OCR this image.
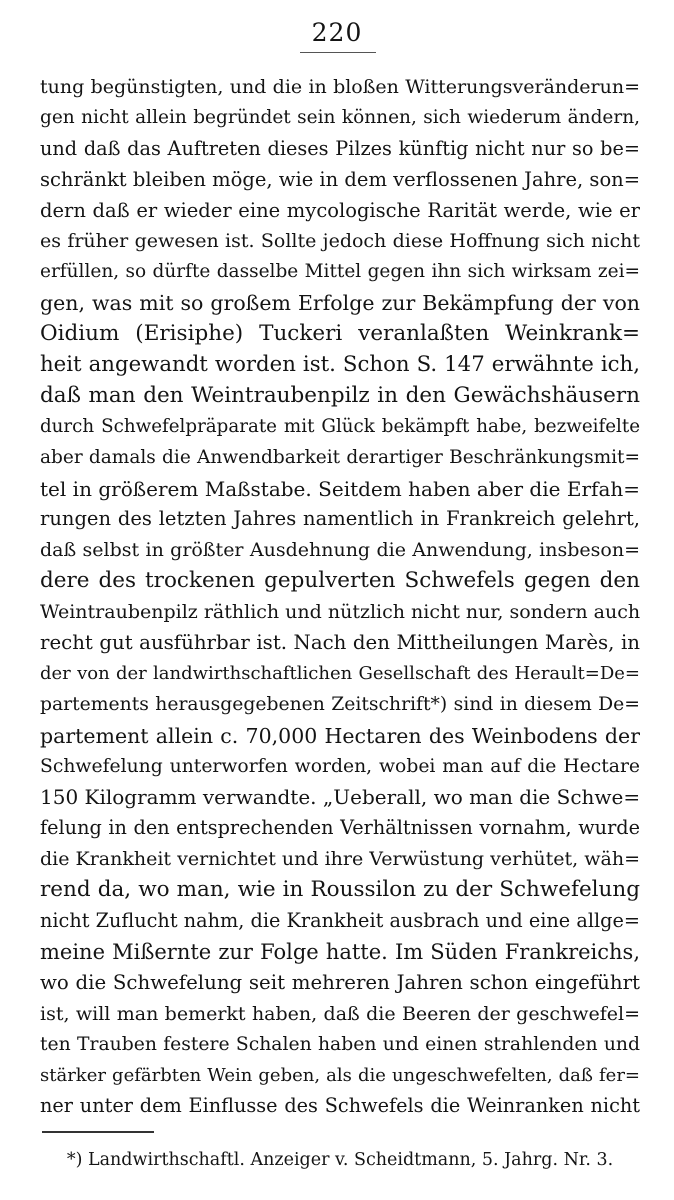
220
tung begünstigten, und die in bloßen Witterungsveränderun=
gen nicht allein begründet sein können, sich wiederum ändern,
und daß das Auftreten dieses Pilzes künftig nicht nur so be=
schränkt bleiben möge, wie in dem verflossenen Jahre, son=
dern daß er wieder eine mycologische Rarität werde, wie er
es früher gewesen ist. Sollte jedoch diese Hoffnung sich nicht
erfüllen, so dürfte dasselbe Mittel gegen ihn sich wirksam zei=
gen, was mit so großem Erfolge zur Bekämpfung der von
Oidium (Erisiphe) Tuckeri veranlaßten Weinkrank=
heit angewandt worden ist. Schon S. 147 erwähnte ich,
daß man den Weintraubenpilz in den Gewächshäusern
durch Schwefelpräparate mit Glück bekämpft habe, bezweifelte
aber damals die Anwendbarkeit derartiger Beschränkungsmit=
tel in größerem Maßstabe. Seitdem haben aber die Erfah=
rungen des letzten Jahres namentlich in Frankreich gelehrt,
daß selbst in größter Ausdehnung die Anwendung, insbeson=
dere des trockenen gepulverten Schwefels gegen den
Weintraubenpilz räthlich und nützlich nicht nur, sondern auch
recht gut ausführbar ist. Nach den Mittheilungen Marès, in
der von der landwirthschaftlichen Gesellschaft des Herault=De=
partements herausgegebenen Zeitschrift*) sind in diesem De=
partement allein c. 70,000 Hectaren des Weinbodens der
Schwefelung unterworfen worden, wobei man auf die Hectare
150 Kilogramm verwandte. „Ueberall, wo man die Schwe=
felung in den entsprechenden Verhältnissen vornahm, wurde
die Krankheit vernichtet und ihre Verwüstung verhütet, wäh=
rend da, wo man, wie in Roussilon zu der Schwefelung
nicht Zuflucht nahm, die Krankheit ausbrach und eine allge=
meine Mißernte zur Folge hatte. Im Süden Frankreichs,
wo die Schwefelung seit mehreren Jahren schon eingeführt
ist, will man bemerkt haben, daß die Beeren der geschwefel=
ten Trauben festere Schalen haben und einen strahlenden und
stärker gefärbten Wein geben, als die ungeschwefelten, daß fer=
ner unter dem Einflusse des Schwefels die Weinranken nicht
*) Landwirthschaftl. Anzeiger v. Scheidtmann, 5. Jahrg. Nr. 3.
